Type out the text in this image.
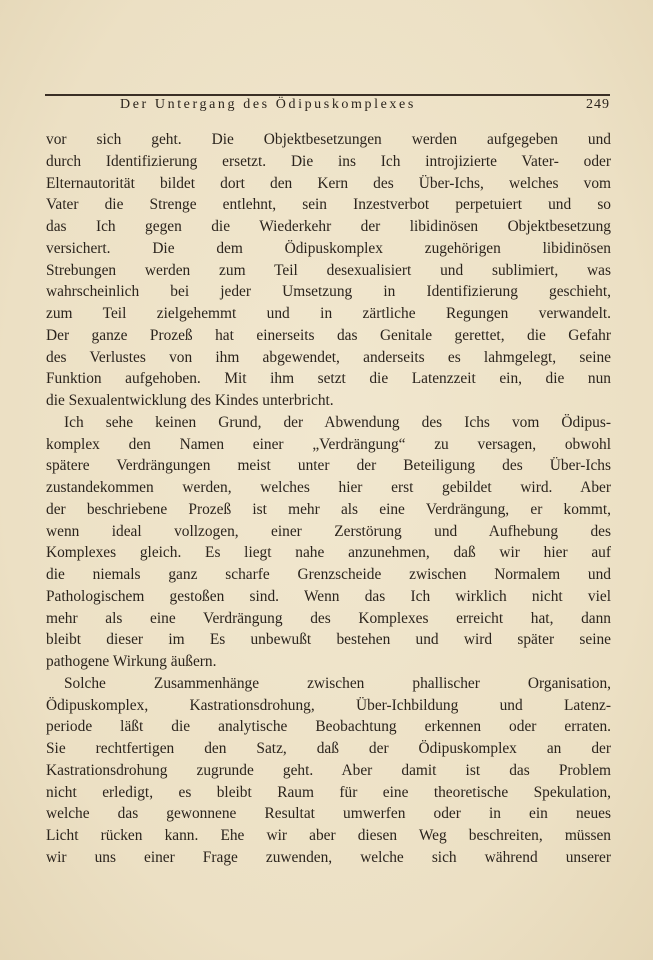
Der Untergang des Ödipuskomplexes	249
vor sich geht. Die Objektbesetzungen werden aufgegeben und
durch Identifizierung ersetzt. Die ins Ich introjizierte Vater- oder
Elternautorität bildet dort den Kern des Über-Ichs, welches vom
Vater die Strenge entlehnt, sein Inzestverbot perpetuiert und so
das Ich gegen die Wiederkehr der libidinösen Objektbesetzung
versichert. Die dem Ödipuskomplex zugehörigen libidinösen
Strebungen werden zum Teil desexualisiert und sublimiert, was
wahrscheinlich bei jeder Umsetzung in Identifizierung geschieht,
zum Teil zielgehemmt und in zärtliche Regungen verwandelt.
Der ganze Prozeß hat einerseits das Genitale gerettet, die Gefahr
des Verlustes von ihm abgewendet, anderseits es lahmgelegt, seine
Funktion aufgehoben. Mit ihm setzt die Latenzzeit ein, die nun
die Sexualentwicklung des Kindes unterbricht.
Ich sehe keinen Grund, der Abwendung des Ichs vom Ödipus-
komplex den Namen einer „Verdrängung“ zu versagen, obwohl
spätere Verdrängungen meist unter der Beteiligung des Über-Ichs
zustandekommen werden, welches hier erst gebildet wird. Aber
der beschriebene Prozeß ist mehr als eine Verdrängung, er kommt,
wenn ideal vollzogen, einer Zerstörung und Aufhebung des
Komplexes gleich. Es liegt nahe anzunehmen, daß wir hier auf
die niemals ganz scharfe Grenzscheide zwischen Normalem und
Pathologischem gestoßen sind. Wenn das Ich wirklich nicht viel
mehr als eine Verdrängung des Komplexes erreicht hat, dann
bleibt dieser im Es unbewußt bestehen und wird später seine
pathogene Wirkung äußern.
Solche Zusammenhänge zwischen phallischer Organisation,
Ödipuskomplex, Kastrationsdrohung, Über-Ichbildung und Latenz-
periode läßt die analytische Beobachtung erkennen oder erraten.
Sie rechtfertigen den Satz, daß der Ödipuskomplex an der
Kastrationsdrohung zugrunde geht. Aber damit ist das Problem
nicht erledigt, es bleibt Raum für eine theoretische Spekulation,
welche das gewonnene Resultat umwerfen oder in ein neues
Licht rücken kann. Ehe wir aber diesen Weg beschreiten, müssen
wir uns einer Frage zuwenden, welche sich während unserer
